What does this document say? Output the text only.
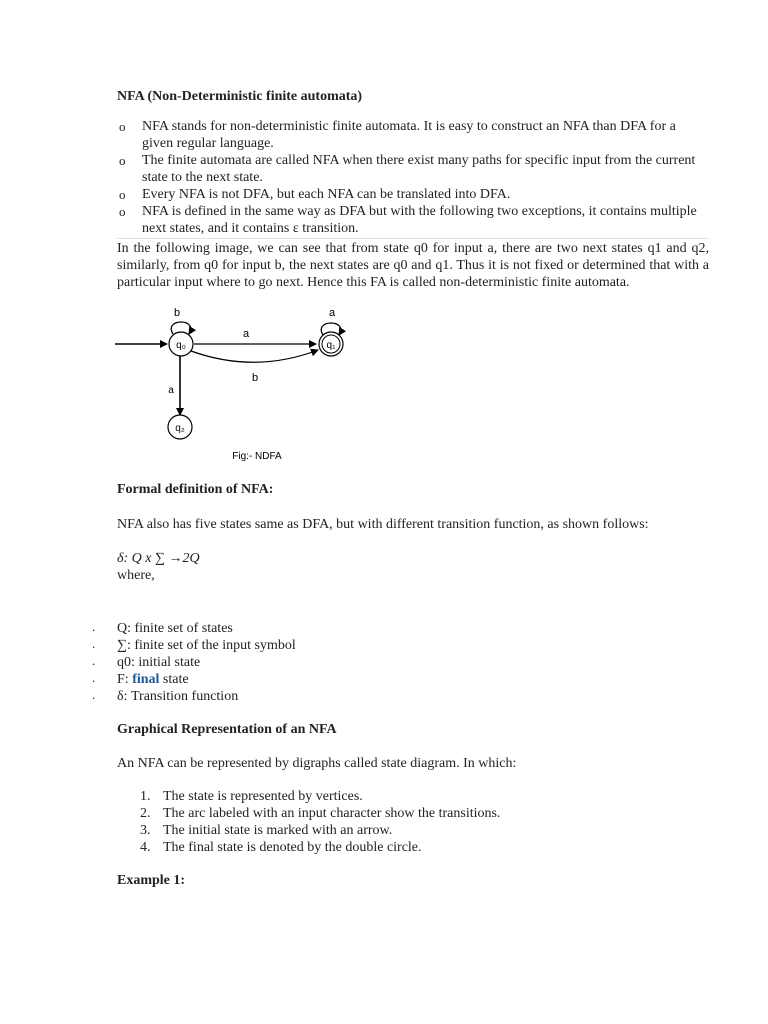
NFA (Non-Deterministic finite automata)

o NFA stands for non-deterministic finite automata. It is easy to construct an NFA than DFA for a given regular language.
o The finite automata are called NFA when there exist many paths for specific input from the current state to the next state.
o Every NFA is not DFA, but each NFA can be translated into DFA.
o NFA is defined in the same way as DFA but with the following two exceptions, it contains multiple next states, and it contains ε transition.

In the following image, we can see that from state q0 for input a, there are two next states q1 and q2, similarly, from q0 for input b, the next states are q0 and q1. Thus it is not fixed or determined that with a particular input where to go next. Hence this FA is called non-deterministic finite automata.

q₀	q₁
q₂
b	a
a
b
a
Fig:- NDFA

Formal definition of NFA:

NFA also has five states same as DFA, but with different transition function, as shown follows:

δ: Q x ∑ →2Q

where,

. Q: finite set of states
. ∑: finite set of the input symbol
. q0: initial state
. F: final state
. δ: Transition function

Graphical Representation of an NFA

An NFA can be represented by digraphs called state diagram. In which:

1. The state is represented by vertices.
2. The arc labeled with an input character show the transitions.
3. The initial state is marked with an arrow.
4. The final state is denoted by the double circle.

Example 1:
